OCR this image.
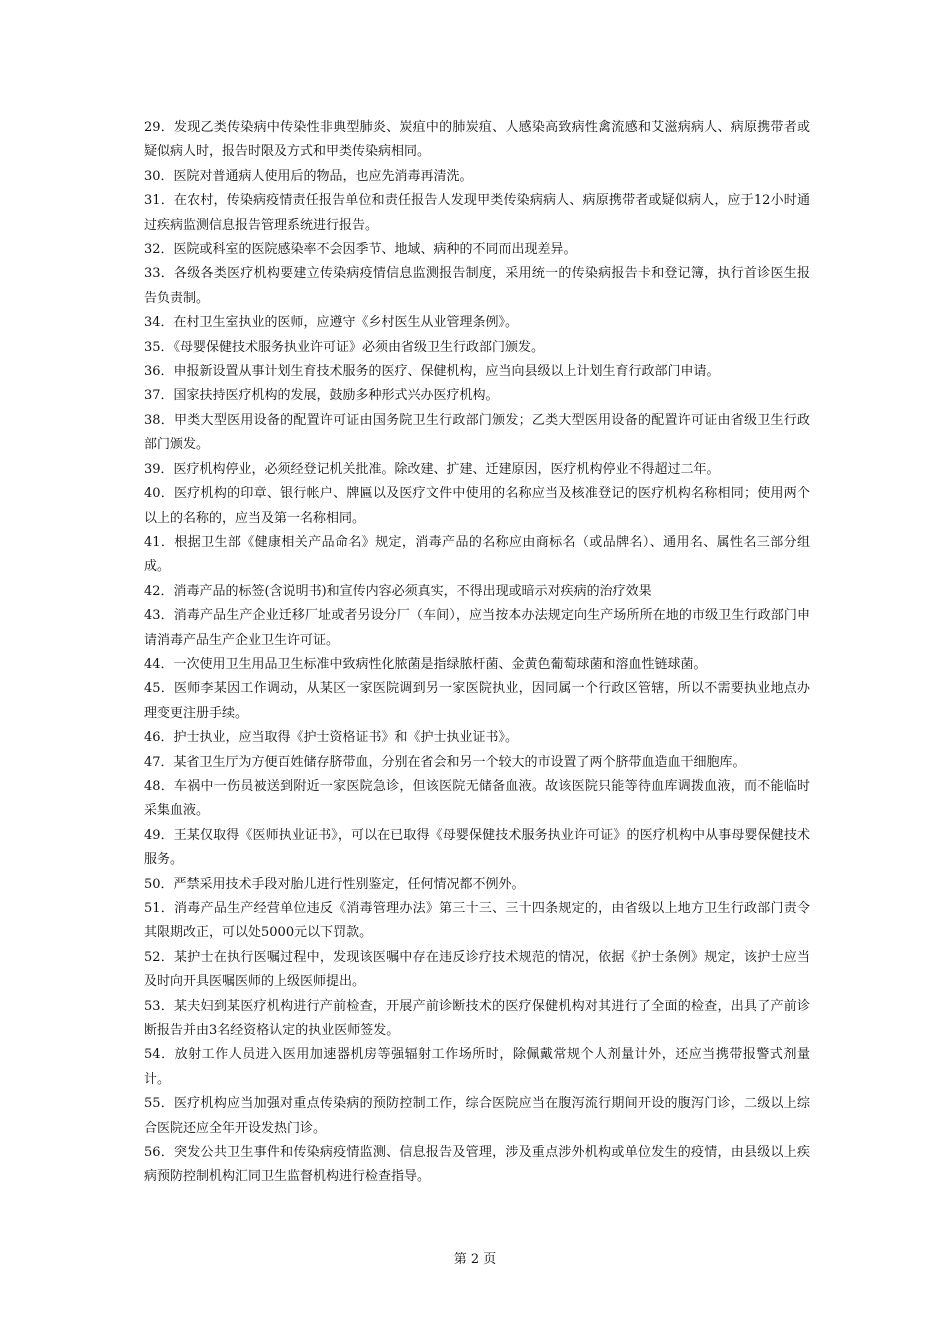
29．发现乙类传染病中传染性非典型肺炎、炭疽中的肺炭疽、人感染高致病性禽流感和艾滋病病人、病原携带者或疑似病人时，报告时限及方式和甲类传染病相同。

30．医院对普通病人使用后的物品，也应先消毒再清洗。

31．在农村，传染病疫情责任报告单位和责任报告人发现甲类传染病病人、病原携带者或疑似病人，应于12小时通过疾病监测信息报告管理系统进行报告。

32．医院或科室的医院感染率不会因季节、地域、病种的不同而出现差异。

33．各级各类医疗机构要建立传染病疫情信息监测报告制度，采用统一的传染病报告卡和登记簿，执行首诊医生报告负责制。

34．在村卫生室执业的医师，应遵守《乡村医生从业管理条例》。

35．《母婴保健技术服务执业许可证》必须由省级卫生行政部门颁发。

36．申报新设置从事计划生育技术服务的医疗、保健机构，应当向县级以上计划生育行政部门申请。

37．国家扶持医疗机构的发展，鼓励多种形式兴办医疗机构。

38．甲类大型医用设备的配置许可证由国务院卫生行政部门颁发；乙类大型医用设备的配置许可证由省级卫生行政部门颁发。

39．医疗机构停业，必须经登记机关批准。除改建、扩建、迁建原因，医疗机构停业不得超过二年。

40．医疗机构的印章、银行帐户、牌匾以及医疗文件中使用的名称应当及核准登记的医疗机构名称相同；使用两个以上的名称的，应当及第一名称相同。

41．根据卫生部《健康相关产品命名》规定，消毒产品的名称应由商标名（或品牌名）、通用名、属性名三部分组成。

42．消毒产品的标签(含说明书)和宣传内容必须真实，不得出现或暗示对疾病的治疗效果

43．消毒产品生产企业迁移厂址或者另设分厂（车间），应当按本办法规定向生产场所所在地的市级卫生行政部门申请消毒产品生产企业卫生许可证。

44．一次使用卫生用品卫生标准中致病性化脓菌是指绿脓杆菌、金黄色葡萄球菌和溶血性链球菌。

45．医师李某因工作调动，从某区一家医院调到另一家医院执业，因同属一个行政区管辖，所以不需要执业地点办理变更注册手续。

46．护士执业，应当取得《护士资格证书》和《护士执业证书》。

47．某省卫生厅为方便百姓储存脐带血，分别在省会和另一个较大的市设置了两个脐带血造血干细胞库。

48．车祸中一伤员被送到附近一家医院急诊，但该医院无储备血液。故该医院只能等待血库调拨血液，而不能临时采集血液。

49．王某仅取得《医师执业证书》，可以在已取得《母婴保健技术服务执业许可证》的医疗机构中从事母婴保健技术服务。

50．严禁采用技术手段对胎儿进行性别鉴定，任何情况都不例外。

51．消毒产品生产经营单位违反《消毒管理办法》第三十三、三十四条规定的，由省级以上地方卫生行政部门责令其限期改正，可以处5000元以下罚款。

52．某护士在执行医嘱过程中，发现该医嘱中存在违反诊疗技术规范的情况，依据《护士条例》规定，该护士应当及时向开具医嘱医师的上级医师提出。

53．某夫妇到某医疗机构进行产前检查，开展产前诊断技术的医疗保健机构对其进行了全面的检查，出具了产前诊断报告并由3名经资格认定的执业医师签发。

54．放射工作人员进入医用加速器机房等强辐射工作场所时，除佩戴常规个人剂量计外，还应当携带报警式剂量计。

55．医疗机构应当加强对重点传染病的预防控制工作，综合医院应当在腹泻流行期间开设的腹泻门诊，二级以上综合医院还应全年开设发热门诊。

56．突发公共卫生事件和传染病疫情监测、信息报告及管理，涉及重点涉外机构或单位发生的疫情，由县级以上疾病预防控制机构汇同卫生监督机构进行检查指导。

第 2 页
